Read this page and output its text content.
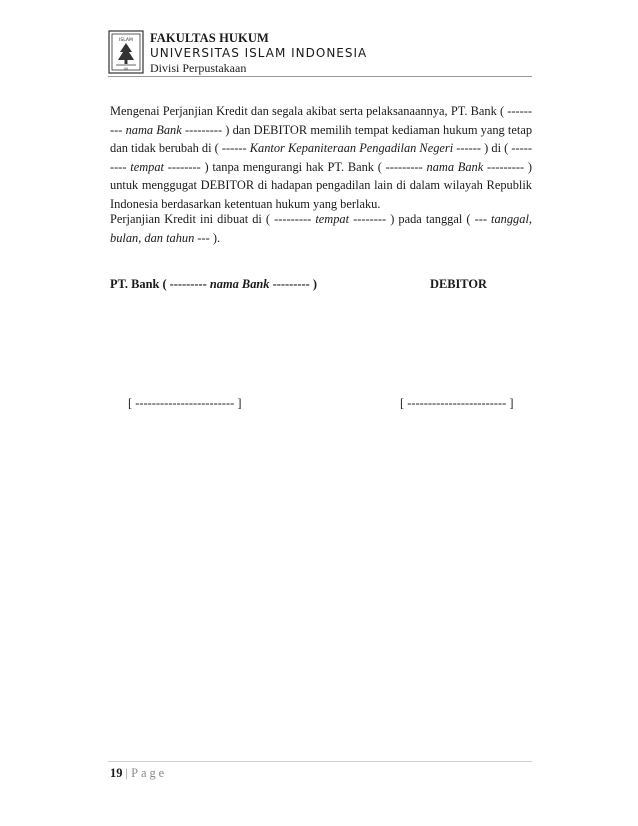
ISLAM
UII
FAKULTAS HUKUM
UNIVERSITAS ISLAM INDONESIA
Divisi Perpustakaan
Mengenai Perjanjian Kredit dan segala akibat serta pelaksanaannya, PT. Bank ( --------- nama Bank --------- ) dan DEBITOR memilih tempat kediaman hukum yang tetap dan tidak berubah di ( ------ Kantor Kepaniteraan Pengadilan Negeri ------ ) di ( --------- tempat -------- ) tanpa mengurangi hak PT. Bank ( --------- nama Bank --------- ) untuk menggugat DEBITOR di hadapan pengadilan lain di dalam wilayah Republik Indonesia berdasarkan ketentuan hukum yang berlaku.
Perjanjian Kredit ini dibuat di ( --------- tempat -------- ) pada tanggal ( --- tanggal, bulan, dan tahun --- ).
PT. Bank ( --------- nama Bank --------- )	DEBITOR
[ ------------------------ ]	[ ------------------------ ]
19 | Page
